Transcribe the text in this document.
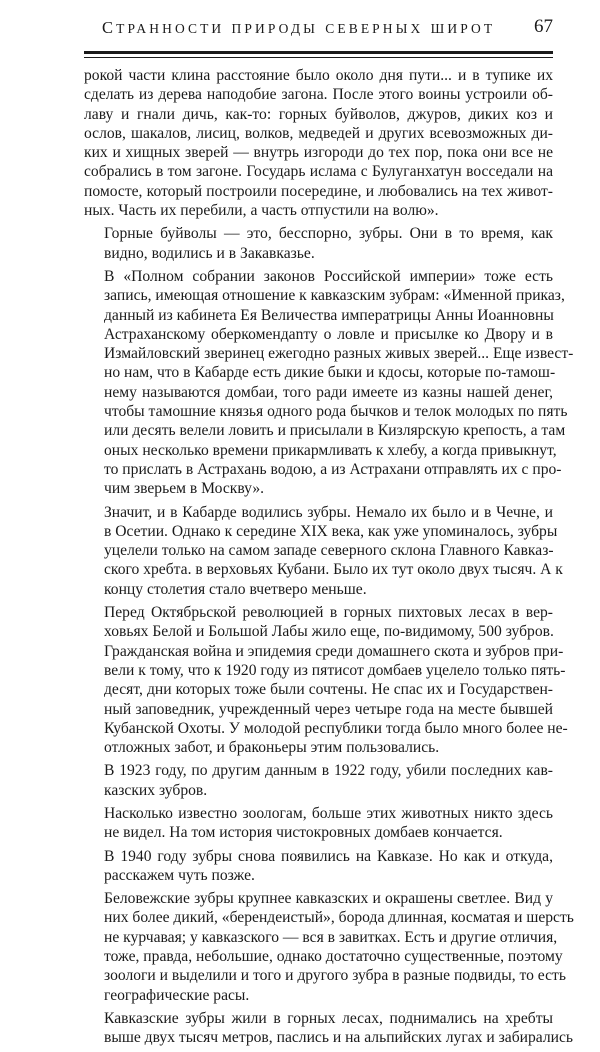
СТРАННОСТИ ПРИРОДЫ СЕВЕРНЫХ ШИРОТ 67
рокой части клина расстояние было около дня пути... и в тупике их
сделать из дерева наподобие загона. После этого воины устроили об-
лаву и гнали дичь, как-то: горных буйволов, джуров, диких коз и
ослов, шакалов, лисиц, волков, медведей и других всевозможных ди-
ких и хищных зверей — внутрь изгороди до тех пор, пока они все не
собрались в том загоне. Государь ислама с Булуганхатун восседали на
помосте, который построили посередине, и любовались на тех живот-
ных. Часть их перебили, а часть отпустили на волю».
Горные буйволы — это, бесспорно, зубры. Они в то время, как
видно, водились и в Закавказье.
В «Полном собрании законов Российской империи» тоже есть
запись, имеющая отношение к кавказским зубрам: «Именной приказ,
данный из кабинета Ея Величества императрицы Анны Иоанновны
Астраханскому оберкомендanту о ловле и присылке ко Двору и в
Измайловский зверинец ежегодно разных живых зверей... Еще извест-
но нам, что в Кабарде есть дикие быки и кдосы, которые по-тамош-
нему называются домбаи, того ради имеете из казны нашей денег,
чтобы тамошние князья одного рода бычков и телок молодых по пять
или десять велели ловить и присылали в Кизлярскую крепость, а там
оных несколько времени прикармливать к хлебу, а когда привыкнут,
то прислать в Астрахань водою, а из Астрахани отправлять их с про-
чим зверьем в Москву».
Значит, и в Кабарде водились зубры. Немало их было и в Чечне, и
в Осетии. Однако к середине XIX века, как уже упоминалось, зубры
уцелели только на самом западе северного склона Главного Кавказ-
ского хребта. в верховьях Кубани. Было их тут около двух тысяч. А к
концу столетия стало вчетверо меньше.
Перед Октябрьской революцией в горных пихтовых лесах в вер-
ховьях Белой и Большой Лабы жило еще, по-видимому, 500 зубров.
Гражданская война и эпидемия среди домашнего скота и зубров при-
вели к тому, что к 1920 году из пятисот домбаев уцелело только пять-
десят, дни которых тоже были сочтены. Не спас их и Государствен-
ный заповедник, учрежденный через четыре года на месте бывшей
Кубанской Охоты. У молодой республики тогда было много более не-
отложных забот, и браконьеры этим пользовались.
В 1923 году, по другим данным в 1922 году, убили последних кав-
казских зубров.
Насколько известно зоологам, больше этих животных никто здесь
не видел. На том история чистокровных домбаев кончается.
В 1940 году зубры снова появились на Кавказе. Но как и откуда,
расскажем чуть позже.
Беловежские зубры крупнее кавказских и окрашены светлее. Вид у
них более дикий, «берендеистый», борода длинная, косматая и шерсть
не курчавая; у кавказского — вся в завитках. Есть и другие отличия,
тоже, правда, небольшие, однако достаточно существенные, поэтому
зоологи и выделили и того и другого зубра в разные подвиды, то есть
географические расы.
Кавказские зубры жили в горных лесах, поднимались на хребты
выше двух тысяч метров, паслись и на альпийских лугах и забирались
